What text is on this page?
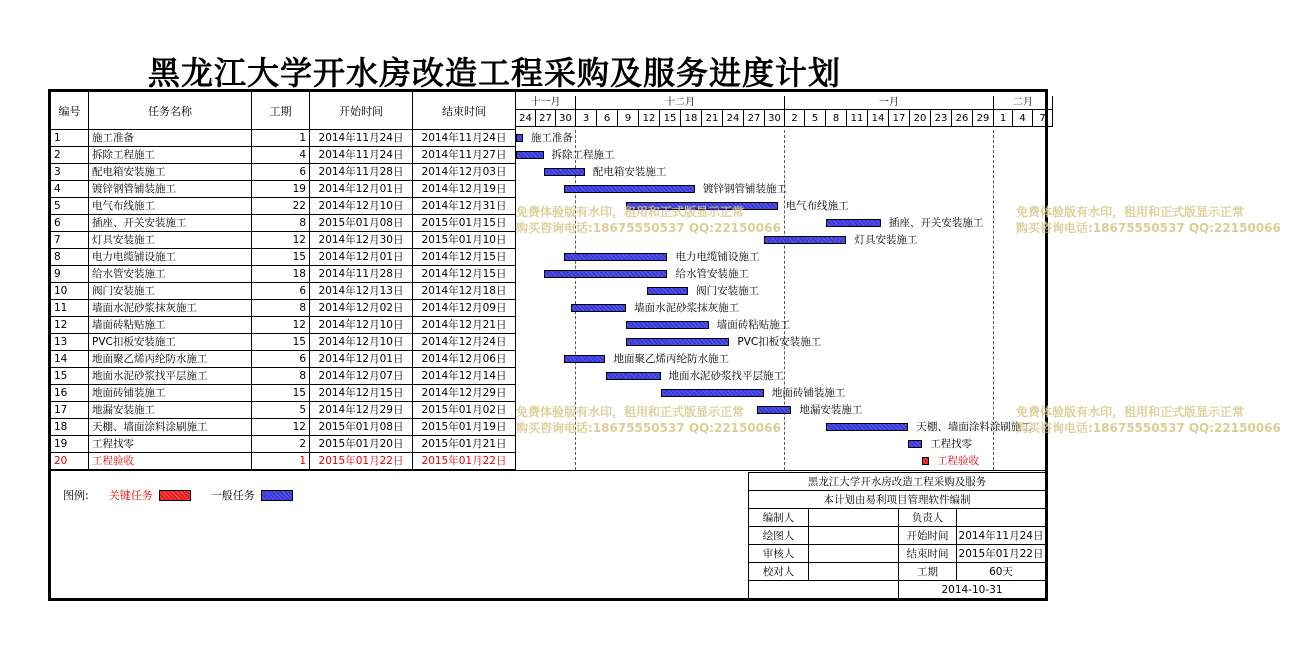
黑龙江大学开水房改造工程采购及服务进度计划
编号	任务名称	工期	开始时间	结束时间
十一月	十二月	一月	二月
24 27 30	3	6	9	12 15 18 21 24 27 30	2	5	8	11 14 17 20 23 26 29	1	4	7
1	施工准备	1	2014年11月24日	2014年11月24日
2	拆除工程施工	4	2014年11月24日	2014年11月27日
3	配电箱安装施工	6	2014年11月28日	2014年12月03日
4	镀锌钢管铺装施工	19	2014年12月01日	2014年12月19日
5	电气布线施工	22	2014年12月10日	2014年12月31日
6	插座、开关安装施工	8	2015年01月08日	2015年01月15日
7	灯具安装施工	12	2014年12月30日	2015年01月10日
8	电力电缆铺设施工	15	2014年12月01日	2014年12月15日
9	给水管安装施工	18	2014年11月28日	2014年12月15日
10	阀门安装施工	6	2014年12月13日	2014年12月18日
11	墙面水泥砂浆抹灰施工	8	2014年12月02日	2014年12月09日
12	墙面砖粘贴施工	12	2014年12月10日	2014年12月21日
13	PVC扣板安装施工	15	2014年12月10日	2014年12月24日
14	地面聚乙烯丙纶防水施工	6	2014年12月01日	2014年12月06日
15	地面水泥砂浆找平层施工	8	2014年12月07日	2014年12月14日
16	地面砖铺装施工	15	2014年12月15日	2014年12月29日
17	地漏安装施工	5	2014年12月29日	2015年01月02日
18	天棚、墙面涂料涂刷施工	12	2015年01月08日	2015年01月19日
19	工程找零	2	2015年01月20日	2015年01月21日
20	工程验收	1	2015年01月22日	2015年01月22日
施工准备
拆除工程施工
配电箱安装施工
镀锌钢管铺装施工
电气布线施工
插座、开关安装施工
灯具安装施工
电力电缆铺设施工
给水管安装施工
阀门安装施工
墙面水泥砂浆抹灰施工
墙面砖粘贴施工
PVC扣板安装施工
地面聚乙烯丙纶防水施工
地面水泥砂浆找平层施工
地面砖铺装施工
地漏安装施工
天棚、墙面涂料涂刷施工
工程找零
工程验收
图例: 关键任务	一般任务
黑龙江大学开水房改造工程采购及服务
本计划由易利项目管理软件编制
编制人	负责人
绘图人	开始时间 2014年11月24日
审核人	结束时间 2015年01月22日
校对人	工期	60天
2014-10-31
免费体验版有水印，租用和正式版显示正常
购买咨询电话:18675550537 QQ:22150066
免费体验版有水印，租用和正式版显示正常
购买咨询电话:18675550537 QQ:22150066
免费体验版有水印，租用和正式版显示正常
购买咨询电话:18675550537 QQ:22150066
免费体验版有水印，租用和正式版显示正常
购买咨询电话:18675550537 QQ:22150066
